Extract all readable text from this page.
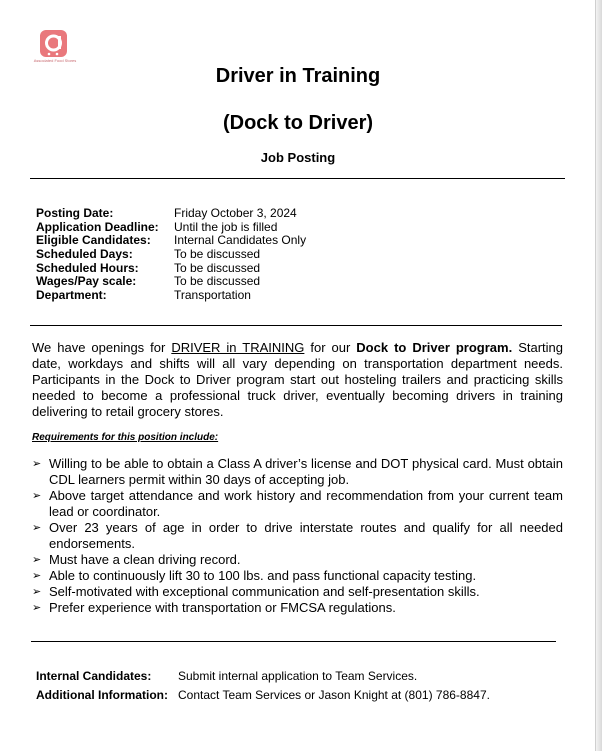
Associated Food Stores
Driver in Training
(Dock to Driver)
Job Posting
Posting Date:	Friday October 3, 2024
Application Deadline: Until the job is filled
Eligible Candidates: Internal Candidates Only
Scheduled Days:	To be discussed
Scheduled Hours:	To be discussed
Wages/Pay scale:	To be discussed
Department:	Transportation
We have openings for DRIVER in TRAINING for our Dock to Driver program. Starting date, workdays and shifts will all vary depending on transportation department needs. Participants in the Dock to Driver program start out hosteling trailers and practicing skills needed to become a professional truck driver, eventually becoming drivers in training delivering to retail grocery stores.
Requirements for this position include:
➢ Willing to be able to obtain a Class A driver’s license and DOT physical card. Must obtain CDL learners permit within 30 days of accepting job.
➢ Above target attendance and work history and recommendation from your current team lead or coordinator.
➢ Over 23 years of age in order to drive interstate routes and qualify for all needed endorsements.
➢ Must have a clean driving record.
➢ Able to continuously lift 30 to 100 lbs. and pass functional capacity testing.
➢ Self-motivated with exceptional communication and self-presentation skills.
➢ Prefer experience with transportation or FMCSA regulations.
Internal Candidates: Submit internal application to Team Services.
Additional Information: Contact Team Services or Jason Knight at (801) 786-8847.
